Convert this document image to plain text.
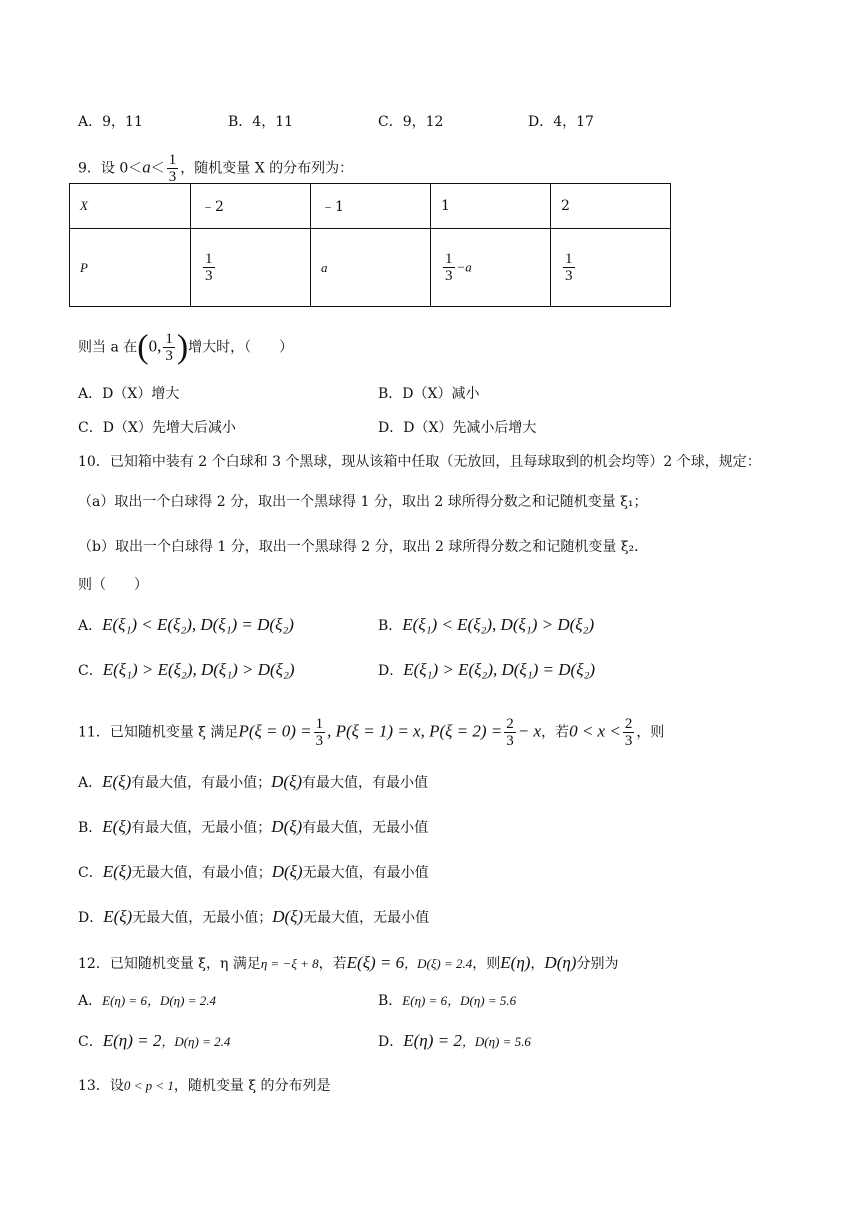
A．9，11	B．4，11	C．9，12	D．4，17
9．设 $0<a< \frac{1}{3}$ ，随机变量 X 的分布列为：
X	﹣2	﹣1	1	2
P	$\frac{1}{3}$	a	$\frac{1}{3} -a$	$\frac{1}{3}$
则当 a 在(0, $\frac{1}{3}$ )增大时，（　　）
A．D（X）增大	B．D（X）减小
C．D（X）先增大后减小	D．D（X）先减小后增大
10．已知箱中装有 2 个白球和 3 个黑球，现从该箱中任取（无放回，且每球取到的机会均等）2 个球，规定：
（a）取出一个白球得 2 分，取出一个黑球得 1 分，取出 2 球所得分数之和记随机变量 ξ₁；
（b）取出一个白球得 1 分，取出一个黑球得 2 分，取出 2 球所得分数之和记随机变量 ξ₂．
则（　　）
A．E(ξ₁) < E(ξ₂), D(ξ₁) = D(ξ₂)	B．E(ξ₁) < E(ξ₂), D(ξ₁) > D(ξ₂)
C．E(ξ₁) > E(ξ₂), D(ξ₁) > D(ξ₂)	D．E(ξ₁) > E(ξ₂), D(ξ₁) = D(ξ₂)
11．已知随机变量 ξ 满足$P(\xi = 0) = \frac{1}{3}$ , P(ξ = 1) = x, $P(\xi = 2) = \frac{2}{3} - x$，若$0 < x < \frac{2}{3}$ ，则
A．E(ξ)有最大值，有最小值；D(ξ)有最大值，有最小值
B．E(ξ)有最大值，无最小值；D(ξ)有最大值，无最小值
C．E(ξ)无最大值，有最小值；D(ξ)无最大值，有最小值
D．E(ξ)无最大值，无最小值；D(ξ)无最大值，无最小值
12．已知随机变量 ξ，η 满足η = −ξ + 8，若E(ξ) = 6，D(ξ) = 2.4，则E(η)，D(η)分别为
A．E(η) = 6，D(η) = 2.4	B．E(η) = 6，D(η) = 5.6
C．E(η) = 2，D(η) = 2.4	D．E(η) = 2，D(η) = 5.6
13．设0 < p < 1，随机变量 ξ 的分布列是
